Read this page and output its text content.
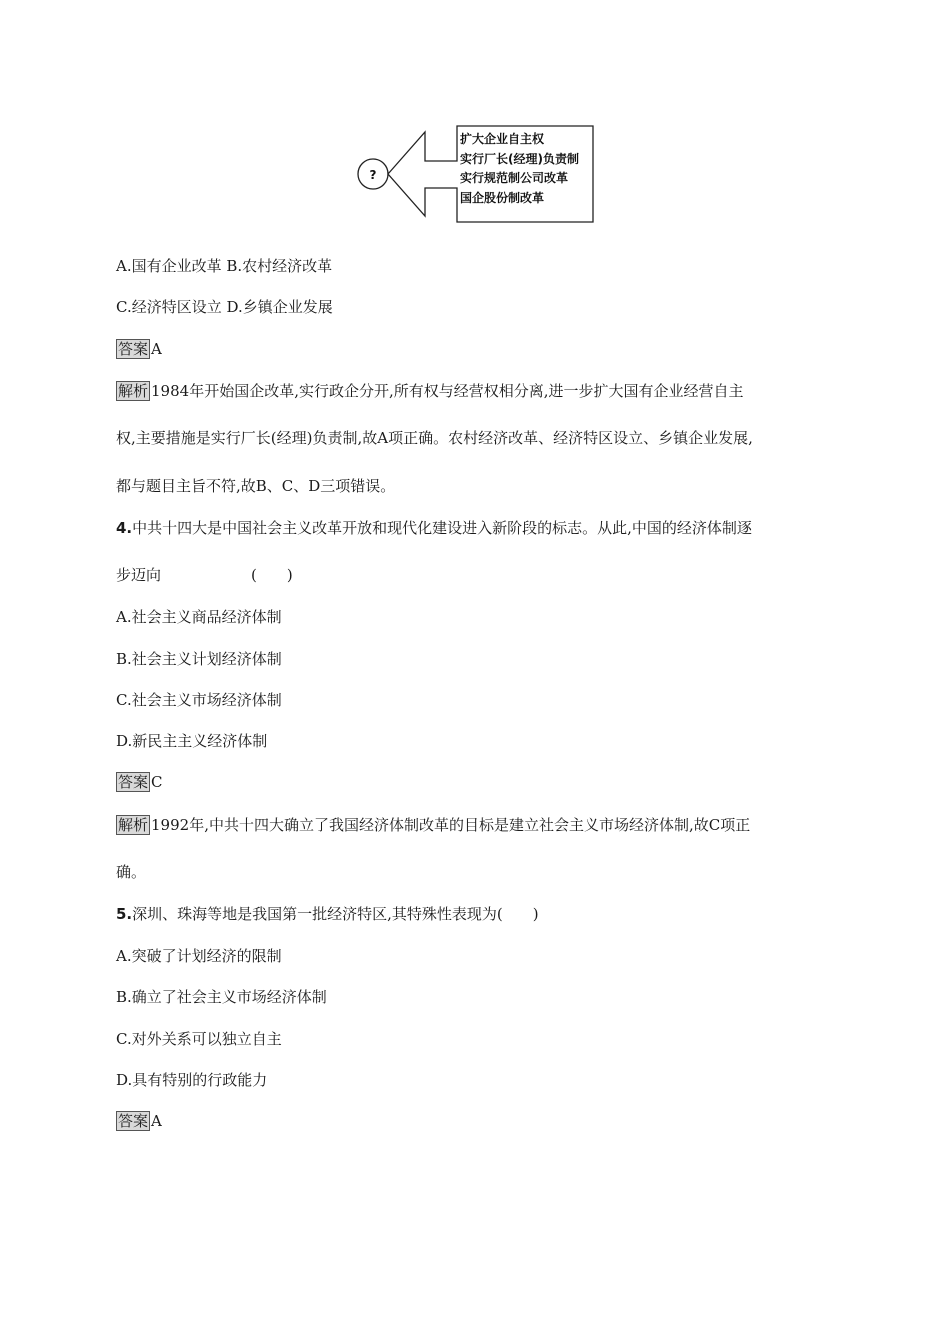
?
扩大企业自主权
实行厂长(经理)负责制
实行规范制公司改革
国企股份制改革
A.国有企业改革 B.农村经济改革
C.经济特区设立 D.乡镇企业发展
答案 A
解析 1984年开始国企改革,实行政企分开,所有权与经营权相分离,进一步扩大国有企业经营自主
权,主要措施是实行厂长(经理)负责制,故A项正确。农村经济改革、经济特区设立、乡镇企业发展,
都与题目主旨不符,故B、C、D三项错误。
4.中共十四大是中国社会主义改革开放和现代化建设进入新阶段的标志。从此,中国的经济体制逐
步迈向	(　　)
A.社会主义商品经济体制
B.社会主义计划经济体制
C.社会主义市场经济体制
D.新民主主义经济体制
答案 C
解析 1992年,中共十四大确立了我国经济体制改革的目标是建立社会主义市场经济体制,故C项正
确。
5.深圳、珠海等地是我国第一批经济特区,其特殊性表现为(　　)
A.突破了计划经济的限制
B.确立了社会主义市场经济体制
C.对外关系可以独立自主
D.具有特别的行政能力
答案 A
